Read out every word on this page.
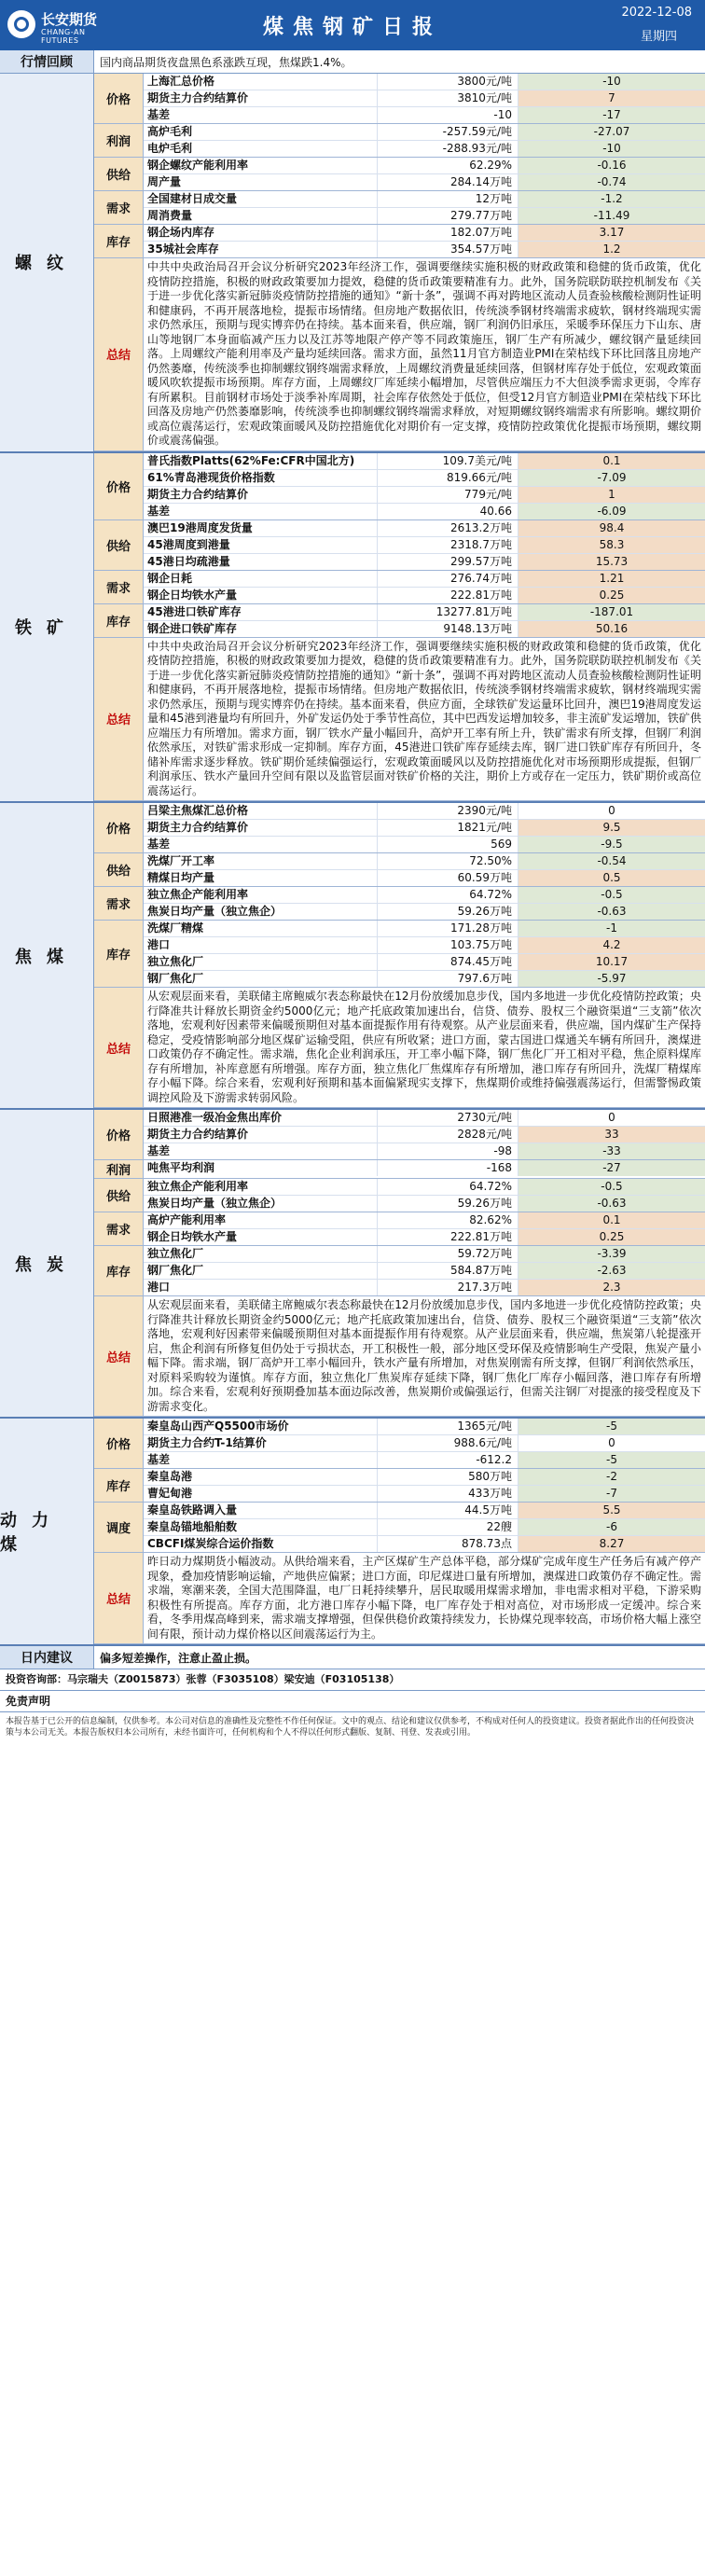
长安期货
CHANG-AN FUTURES
煤焦钢矿日报
2022-12-08
星期四
行情回顾	国内商品期货夜盘黑色系涨跌互现，焦煤跌1.4%。
螺纹
价格
上海汇总价格	3800元/吨	-10
期货主力合约结算价	3810元/吨	7
基差	-10	-17
利润
高炉毛利	-257.59元/吨	-27.07
电炉毛利	-288.93元/吨	-10
供给
钢企螺纹产能利用率	62.29%	-0.16
周产量	284.14万吨	-0.74
需求
全国建材日成交量	12万吨	-1.2
周消费量	279.77万吨	-11.49
库存
钢企场内库存	182.07万吨	3.17
35城社会库存	354.57万吨	1.2
总结
中共中央政治局召开会议分析研究2023年经济工作，强调要继续实施积极的财政政策和稳健的货币政策，优化疫情防控措施，积极的财政政策要加力提效，稳健的货币政策要精准有力。此外，国务院联防联控机制发布《关于进一步优化落实新冠肺炎疫情防控措施的通知》“新十条”，强调不再对跨地区流动人员查验核酸检测阴性证明和健康码，不再开展落地检，提振市场情绪。但房地产数据依旧，传统淡季钢材终端需求疲软，钢材终端现实需求仍然承压，预期与现实博弈仍在持续。基本面来看，供应端，钢厂利润仍旧承压，采暖季环保压力下山东、唐山等地钢厂本身面临减产压力以及江苏等地限产停产等不同政策施压，钢厂生产有所减少，螺纹钢产量延续回落。上周螺纹产能利用率及产量均延续回落。需求方面，虽然11月官方制造业PMI在荣枯线下环比回落且房地产仍然萎靡，传统淡季也抑制螺纹钢终端需求释放，上周螺纹消费量延续回落，但钢材库存处于低位，宏观政策面暖风吹软提振市场预期。库存方面，上周螺纹厂库延续小幅增加，尽管供应端压力不大但淡季需求更弱，令库存有所累积。目前钢材市场处于淡季补库周期，社会库存依然处于低位，但受12月官方制造业PMI在荣枯线下环比回落及房地产仍然萎靡影响，传统淡季也抑制螺纹钢终端需求释放，对短期螺纹钢终端需求有所影响。螺纹期价或高位震荡运行，宏观政策面暖风及防控措施优化对期价有一定支撑，疫情防控政策优化提振市场预期，螺纹期价或震荡偏强。
铁矿
价格
普氏指数Platts(62%Fe:CFR中国北方)	109.7美元/吨	0.1
61%青岛港现货价格指数	819.66元/吨	-7.09
期货主力合约结算价	779元/吨	1
基差	40.66	-6.09
供给
澳巴19港周度发货量	2613.2万吨	98.4
45港周度到港量	2318.7万吨	58.3
45港日均疏港量	299.57万吨	15.73
需求
钢企日耗	276.74万吨	1.21
钢企日均铁水产量	222.81万吨	0.25
库存
45港进口铁矿库存	13277.81万吨	-187.01
钢企进口铁矿库存	9148.13万吨	50.16
总结
中共中央政治局召开会议分析研究2023年经济工作，强调要继续实施积极的财政政策和稳健的货币政策，优化疫情防控措施，积极的财政政策要加力提效，稳健的货币政策要精准有力。此外，国务院联防联控机制发布《关于进一步优化落实新冠肺炎疫情防控措施的通知》“新十条”，强调不再对跨地区流动人员查验核酸检测阴性证明和健康码，不再开展落地检，提振市场情绪。但房地产数据依旧，传统淡季钢材终端需求疲软，钢材终端现实需求仍然承压，预期与现实博弈仍在持续。基本面来看，供应方面，全球铁矿发运量环比回升，澳巴19港周度发运量和45港到港量均有所回升，外矿发运仍处于季节性高位，其中巴西发运增加较多，非主流矿发运增加，铁矿供应端压力有所增加。需求方面，钢厂铁水产量小幅回升，高炉开工率有所上升，铁矿需求有所支撑，但钢厂利润依然承压，对铁矿需求形成一定抑制。库存方面，45港进口铁矿库存延续去库，钢厂进口铁矿库存有所回升，冬储补库需求逐步释放。铁矿期价延续偏强运行，宏观政策面暖风以及防控措施优化对市场预期形成提振，但钢厂利润承压、铁水产量回升空间有限以及监管层面对铁矿价格的关注，期价上方或存在一定压力，铁矿期价或高位震荡运行。
焦煤
价格
吕梁主焦煤汇总价格	2390元/吨	0
期货主力合约结算价	1821元/吨	9.5
基差	569	-9.5
供给
洗煤厂开工率	72.50%	-0.54
精煤日均产量	60.59万吨	0.5
需求
独立焦企产能利用率	64.72%	-0.5
焦炭日均产量（独立焦企）	59.26万吨	-0.63
库存
洗煤厂精煤	171.28万吨	-1
港口	103.75万吨	4.2
独立焦化厂	874.45万吨	10.17
钢厂焦化厂	797.6万吨	-5.97
总结
从宏观层面来看，美联储主席鲍威尔表态称最快在12月份放缓加息步伐，国内多地进一步优化疫情防控政策；央行降准共计释放长期资金约5000亿元；地产托底政策加速出台，信贷、债券、股权三个融资渠道“三支箭”依次落地，宏观利好因素带来偏暖预期但对基本面提振作用有待观察。从产业层面来看，供应端，国内煤矿生产保持稳定，受疫情影响部分地区煤矿运输受阻，供应有所收紧；进口方面，蒙古国进口煤通关车辆有所回升，澳煤进口政策仍存不确定性。需求端，焦化企业利润承压，开工率小幅下降，钢厂焦化厂开工相对平稳，焦企原料煤库存有所增加，补库意愿有所增强。库存方面，独立焦化厂焦煤库存有所增加，港口库存有所回升，洗煤厂精煤库存小幅下降。综合来看，宏观利好预期和基本面偏紧现实支撑下，焦煤期价或维持偏强震荡运行，但需警惕政策调控风险及下游需求转弱风险。
焦炭
价格
日照港准一级冶金焦出库价	2730元/吨	0
期货主力合约结算价	2828元/吨	33
基差	-98	-33
利润	吨焦平均利润	-168	-27
供给
独立焦企产能利用率	64.72%	-0.5
焦炭日均产量（独立焦企）	59.26万吨	-0.63
需求
高炉产能利用率	82.62%	0.1
钢企日均铁水产量	222.81万吨	0.25
库存
独立焦化厂	59.72万吨	-3.39
钢厂焦化厂	584.87万吨	-2.63
港口	217.3万吨	2.3
总结
从宏观层面来看，美联储主席鲍威尔表态称最快在12月份放缓加息步伐，国内多地进一步优化疫情防控政策；央行降准共计释放长期资金约5000亿元；地产托底政策加速出台，信贷、债券、股权三个融资渠道“三支箭”依次落地，宏观利好因素带来偏暖预期但对基本面提振作用有待观察。从产业层面来看，供应端，焦炭第八轮提涨开启，焦企利润有所修复但仍处于亏损状态，开工积极性一般，部分地区受环保及疫情影响生产受限，焦炭产量小幅下降。需求端，钢厂高炉开工率小幅回升，铁水产量有所增加，对焦炭刚需有所支撑，但钢厂利润依然承压，对原料采购较为谨慎。库存方面，独立焦化厂焦炭库存延续下降，钢厂焦化厂库存小幅回落，港口库存有所增加。综合来看，宏观利好预期叠加基本面边际改善，焦炭期价或偏强运行，但需关注钢厂对提涨的接受程度及下游需求变化。
动力煤
价格
秦皇岛山西产Q5500市场价	1365元/吨	-5
期货主力合约T-1结算价	988.6元/吨	0
基差	-612.2	-5
库存
秦皇岛港	580万吨	-2
曹妃甸港	433万吨	-7
调度
秦皇岛铁路调入量	44.5万吨	5.5
秦皇岛锚地船舶数	22艘	-6
CBCFI煤炭综合运价指数	878.73点	8.27
总结
昨日动力煤期货小幅波动。从供给端来看，主产区煤矿生产总体平稳，部分煤矿完成年度生产任务后有减产停产现象，叠加疫情影响运输，产地供应偏紧；进口方面，印尼煤进口量有所增加，澳煤进口政策仍存不确定性。需求端，寒潮来袭，全国大范围降温，电厂日耗持续攀升，居民取暖用煤需求增加，非电需求相对平稳，下游采购积极性有所提高。库存方面，北方港口库存小幅下降，电厂库存处于相对高位，对市场形成一定缓冲。综合来看，冬季用煤高峰到来，需求端支撑增强，但保供稳价政策持续发力，长协煤兑现率较高，市场价格大幅上涨空间有限，预计动力煤价格以区间震荡运行为主。
日内建议	偏多短差操作，注意止盈止损。
投资咨询部：马宗瑞夫（Z0015873）张蓉（F3035108）梁安迪（F03105138）
免责声明
本报告基于已公开的信息编制，仅供参考。本公司对信息的准确性及完整性不作任何保证。文中的观点、结论和建议仅供参考，不构成对任何人的投资建议。投资者据此作出的任何投资决策与本公司无关。本报告版权归本公司所有，未经书面许可，任何机构和个人不得以任何形式翻版、复制、刊登、发表或引用。
